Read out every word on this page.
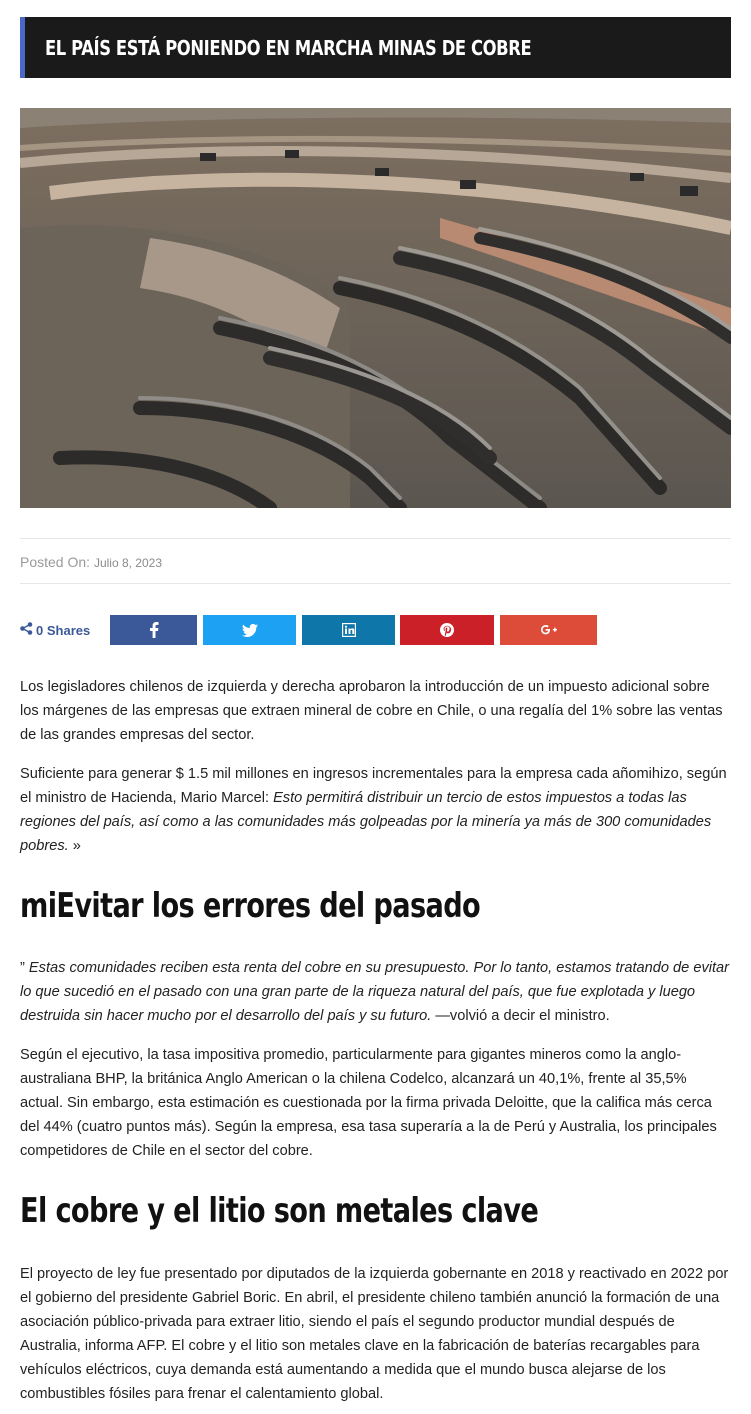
EL PAÍS ESTÁ PONIENDO EN MARCHA MINAS DE COBRE
Posted On: Julio 8, 2023
0 Shares

Los legisladores chilenos de izquierda y derecha aprobaron la introducción de un impuesto adicional sobre los márgenes de las empresas que extraen mineral de cobre en Chile, o una regalía del 1% sobre las ventas de las grandes empresas del sector.

Suficiente para generar $ 1.5 mil millones en ingresos incrementales para la empresa cada añomihizo, según el ministro de Hacienda, Mario Marcel: Esto permitirá distribuir un tercio de estos impuestos a todas las regiones del país, así como a las comunidades más golpeadas por la minería ya más de 300 comunidades pobres. »

miEvitar los errores del pasado

” Estas comunidades reciben esta renta del cobre en su presupuesto. Por lo tanto, estamos tratando de evitar lo que sucedió en el pasado con una gran parte de la riqueza natural del país, que fue explotada y luego destruida sin hacer mucho por el desarrollo del país y su futuro. —volvió a decir el ministro.

Según el ejecutivo, la tasa impositiva promedio, particularmente para gigantes mineros como la anglo-australiana BHP, la británica Anglo American o la chilena Codelco, alcanzará un 40,1%, frente al 35,5% actual. Sin embargo, esta estimación es cuestionada por la firma privada Deloitte, que la califica más cerca del 44% (cuatro puntos más). Según la empresa, esa tasa superaría a la de Perú y Australia, los principales competidores de Chile en el sector del cobre.

El cobre y el litio son metales clave

El proyecto de ley fue presentado por diputados de la izquierda gobernante en 2018 y reactivado en 2022 por el gobierno del presidente Gabriel Boric. En abril, el presidente chileno también anunció la formación de una asociación público-privada para extraer litio, siendo el país el segundo productor mundial después de Australia, informa AFP. El cobre y el litio son metales clave en la fabricación de baterías recargables para vehículos eléctricos, cuya demanda está aumentando a medida que el mundo busca alejarse de los combustibles fósiles para frenar el calentamiento global.
